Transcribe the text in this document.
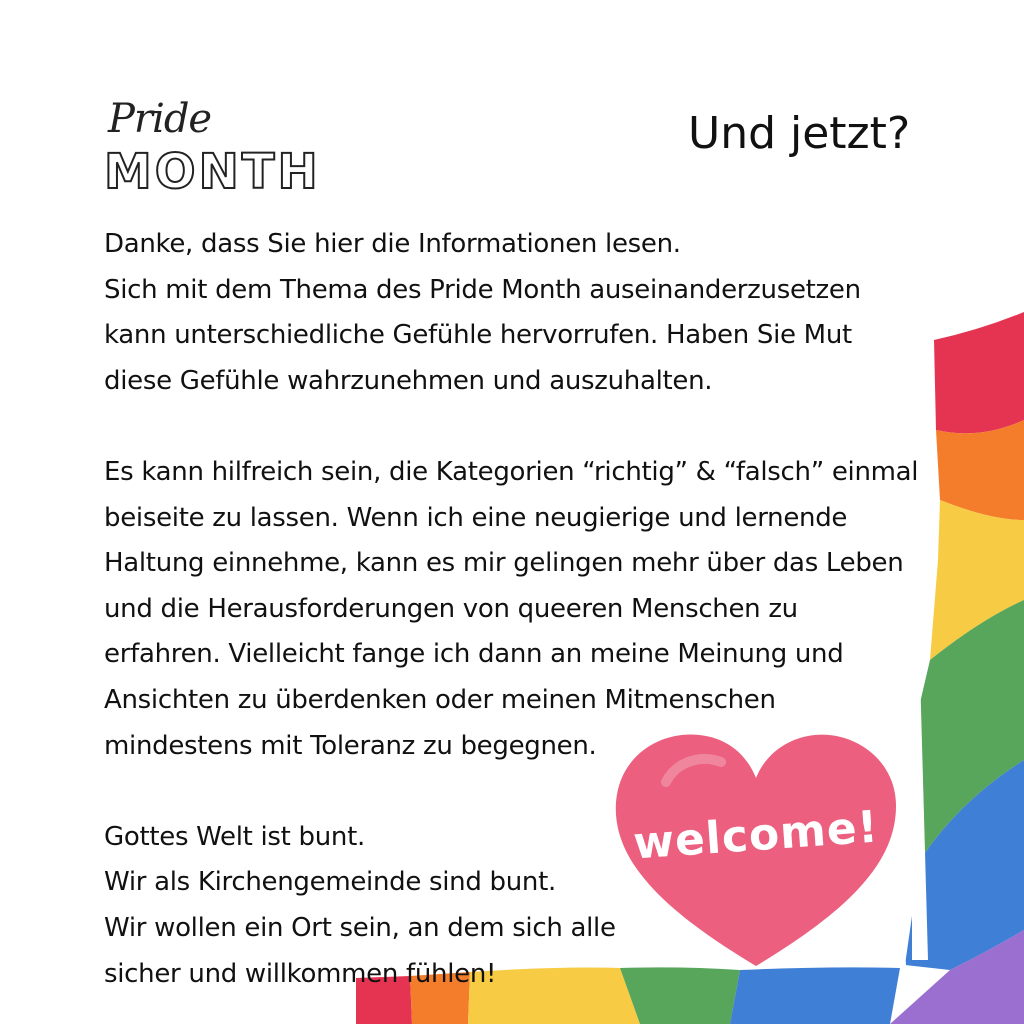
Pride
MONTH
Und jetzt?

Danke, dass Sie hier die Informationen lesen.

Sich mit dem Thema des Pride Month auseinanderzusetzen

kann unterschiedliche Gefühle hervorrufen. Haben Sie Mut

diese Gefühle wahrzunehmen und auszuhalten.

Es kann hilfreich sein, die Kategorien “richtig” & “falsch” einmal

beiseite zu lassen. Wenn ich eine neugierige und lernende

Haltung einnehme, kann es mir gelingen mehr über das Leben

und die Herausforderungen von queeren Menschen zu

erfahren. Vielleicht fange ich dann an meine Meinung und

Ansichten zu überdenken oder meinen Mitmenschen

mindestens mit Toleranz zu begegnen.

Gottes Welt ist bunt.

Wir als Kirchengemeinde sind bunt.

Wir wollen ein Ort sein, an dem sich alle

sicher und willkommen fühlen!

welcome!
